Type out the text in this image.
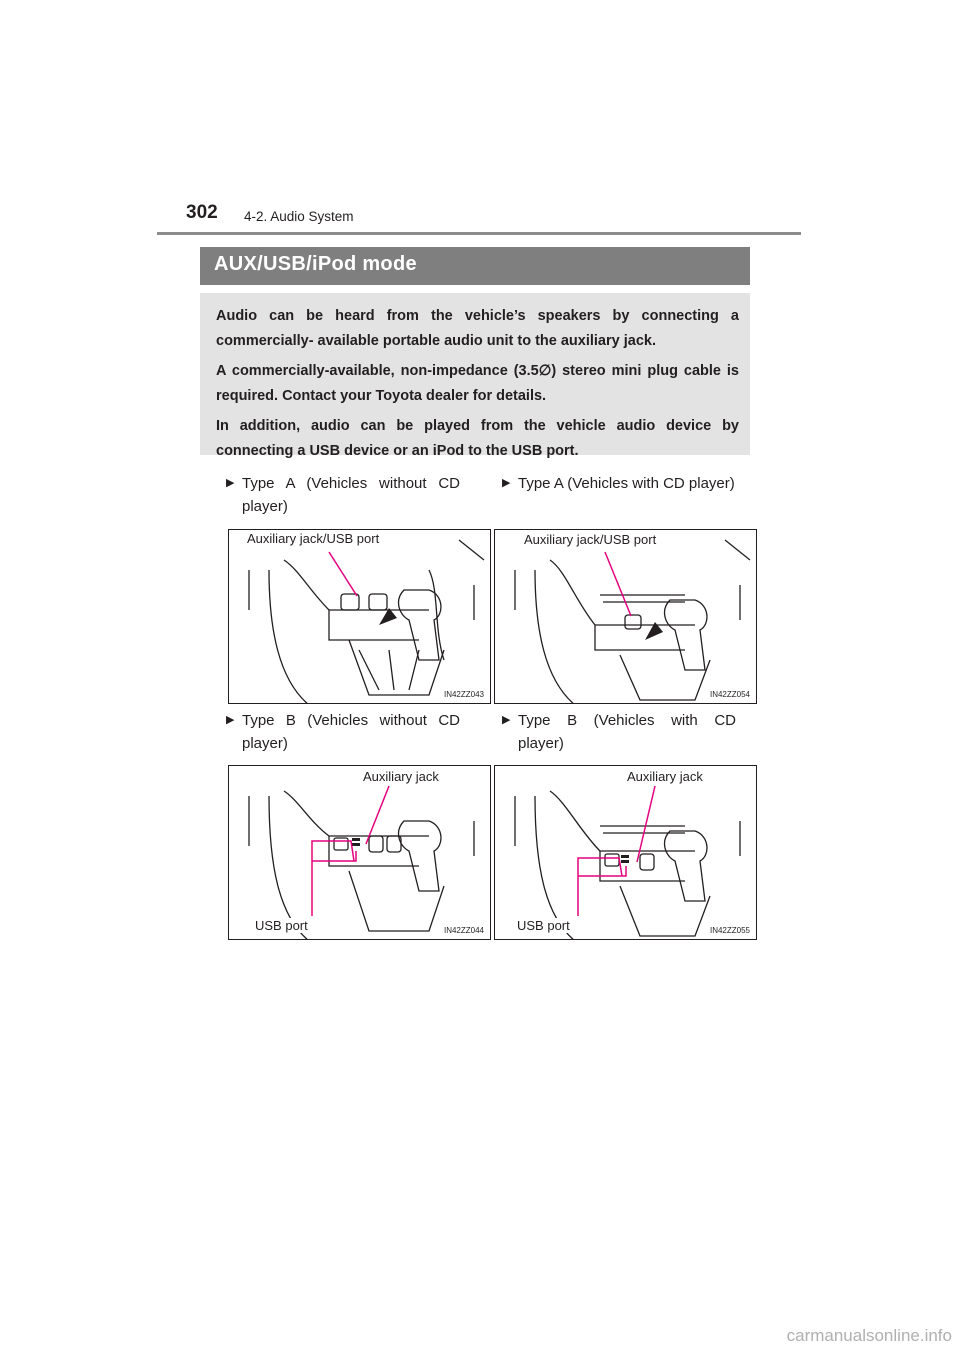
302 4-2. Audio System
AUX/USB/iPod mode

Audio can be heard from the vehicle’s speakers by connecting a commercially- available portable audio unit to the auxiliary jack.

A commercially-available, non-impedance (3.5∅) stereo mini plug cable is required. Contact your Toyota dealer for details.

In addition, audio can be played from the vehicle audio device by connecting a USB device or an iPod to the USB port.

▶ Type A (Vehicles without CD player)
▶ Type A (Vehicles with CD player)
▶ Type B (Vehicles without CD player)
▶ Type B (Vehicles with CD player)
Auxiliary jack/USB port
IN42ZZ043
Auxiliary jack/USB port
IN42ZZ054
Auxiliary jack
USB port	IN42ZZ044
Auxiliary jack
USB port	IN42ZZ055
carmanualsonline.info
